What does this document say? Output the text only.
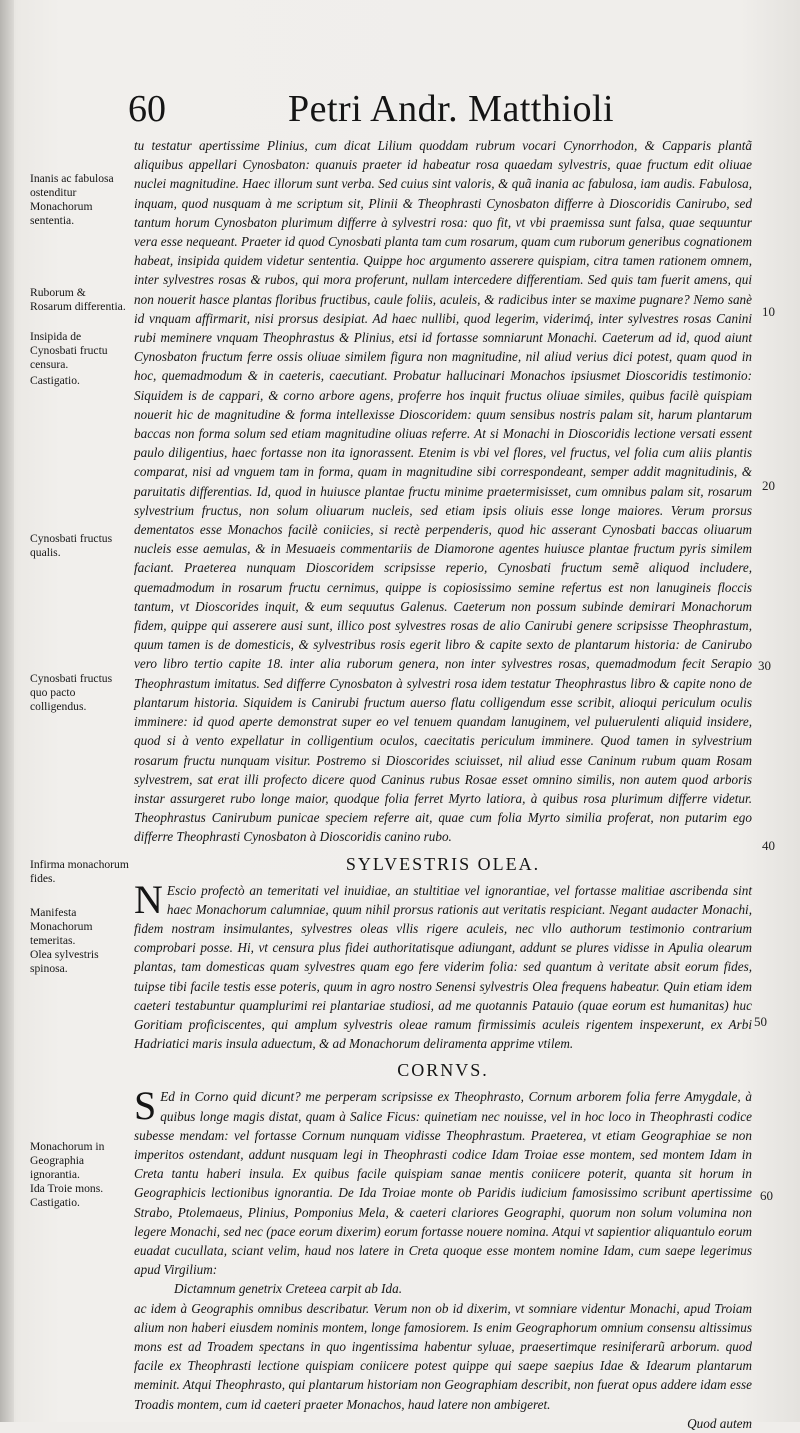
60	Petri Andr. Matthioli
Inanis ac fabulosa ostenditur Monachorum sententia.
Ruborum & Rosarum differentia.
Insipida de Cynosbati fructu censura.
Castigatio.
Cynosbati fructus qualis.
Cynosbati fructus quo pacto colligendus.
Infirma monachorum fides.
Manifesta Monachorum temeritas.
Olea sylvestris spinosa.
Monachorum in Geographia ignorantia.
Ida Troie mons.
Castigatio.
10
20
30
40
50
60

tu testatur apertissime Plinius, cum dicat Lilium quoddam rubrum vocari Cynorrhodon, & Capparis plantã aliquibus appellari Cynosbaton: quanuis praeter id habeatur rosa quaedam sylvestris, quae fructum edit oliuae nuclei magnitudine. Haec illorum sunt verba. Sed cuius sint valoris, & quã inania ac fabulosa, iam audis. Fabulosa, inquam, quod nusquam à me scriptum sit, Plinii & Theophrasti Cynosbaton differre à Dioscoridis Canirubo, sed tantum horum Cynosbaton plurimum differre à sylvestri rosa: quo fit, vt vbi praemissa sunt falsa, quae sequuntur vera esse nequeant. Praeter id quod Cynosbati planta tam cum rosarum, quam cum ruborum generibus cognationem habeat, insipida quidem videtur sententia. Quippe hoc argumento asserere quispiam, citra tamen rationem omnem, inter sylvestres rosas & rubos, qui mora proferunt, nullam intercedere differentiam. Sed quis tam fuerit amens, qui non nouerit hasce plantas floribus fructibus, caule foliis, aculeis, & radicibus inter se maxime pugnare? Nemo sanè id vnquam affirmarit, nisi prorsus desipiat. Ad haec nullibi, quod legerim, viderimq́, inter sylvestres rosas Canini rubi meminere vnquam Theophrastus & Plinius, etsi id fortasse somniarunt Monachi. Caeterum ad id, quod aiunt Cynosbaton fructum ferre ossis oliuae similem figura non magnitudine, nil aliud verius dici potest, quam quod in hoc, quemadmodum & in caeteris, caecutiant. Probatur hallucinari Monachos ipsiusmet Dioscoridis testimonio: Siquidem is de cappari, & corno arbore agens, proferre hos inquit fructus oliuae similes, quibus facilè quispiam nouerit hic de magnitudine & forma intellexisse Dioscoridem: quum sensibus nostris palam sit, harum plantarum baccas non forma solum sed etiam magnitudine oliuas referre. At si Monachi in Dioscoridis lectione versati essent paulo diligentius, haec fortasse non ita ignorassent. Etenim is vbi vel flores, vel fructus, vel folia cum aliis plantis comparat, nisi ad vnguem tam in forma, quam in magnitudine sibi correspondeant, semper addit magnitudinis, & paruitatis differentias. Id, quod in huiusce plantae fructu minime praetermisisset, cum omnibus palam sit, rosarum sylvestrium fructus, non solum oliuarum nucleis, sed etiam ipsis oliuis esse longe maiores. Verum prorsus dementatos esse Monachos facilè coniicies, si rectè perpenderis, quod hic asserant Cynosbati baccas oliuarum nucleis esse aemulas, & in Mesuaeis commentariis de Diamorone agentes huiusce plantae fructum pyris similem faciant. Praeterea nunquam Dioscoridem scripsisse reperio, Cynosbati fructum semẽ aliquod includere, quemadmodum in rosarum fructu cernimus, quippe is copiosissimo semine refertus est non lanugineis floccis tantum, vt Dioscorides inquit, & eum sequutus Galenus. Caeterum non possum subinde demirari Monachorum fidem, quippe qui asserere ausi sunt, illico post sylvestres rosas de alio Canirubi genere scripsisse Theophrastum, quum tamen is de domesticis, & sylvestribus rosis egerit libro & capite sexto de plantarum historia: de Canirubo vero libro tertio capite 18. inter alia ruborum genera, non inter sylvestres rosas, quemadmodum fecit Serapio Theophrastum imitatus. Sed differre Cynosbaton à sylvestri rosa idem testatur Theophrastus libro & capite nono de plantarum historia. Siquidem is Canirubi fructum auerso flatu colligendum esse scribit, alioqui periculum oculis imminere: id quod aperte demonstrat super eo vel tenuem quandam lanuginem, vel puluerulenti aliquid insidere, quod si à vento expellatur in colligentium oculos, caecitatis periculum imminere. Quod tamen in sylvestrium rosarum fructu nunquam visitur. Postremo si Dioscorides sciuisset, nil aliud esse Caninum rubum quam Rosam sylvestrem, sat erat illi profecto dicere quod Caninus rubus Rosae esset omnino similis, non autem quod arboris instar assurgeret rubo longe maior, quodque folia ferret Myrto latiora, à quibus rosa plurimum differre videtur. Theophrastus Canirubum punicae speciem referre ait, quae cum folia Myrto similia proferat, non putarim ego differre Theophrasti Cynosbaton à Dioscoridis canino rubo.

SYLVESTRIS OLEA.

N Escio profectò an temeritati vel inuidiae, an stultitiae vel ignorantiae, vel fortasse malitiae ascribenda sint haec Monachorum calumniae, quum nihil prorsus rationis aut veritatis respiciant. Negant audacter Monachi, fidem nostram insimulantes, sylvestres oleas vllis rigere aculeis, nec vllo authorum testimonio contrarium comprobari posse. Hi, vt censura plus fidei authoritatisque adiungant, addunt se plures vidisse in Apulia olearum plantas, tam domesticas quam sylvestres quam ego fere viderim folia: sed quantum à veritate absit eorum fides, tuipse tibi facile testis esse poteris, quum in agro nostro Senensi sylvestris Olea frequens habeatur. Quin etiam idem caeteri testabuntur quamplurimi rei plantariae studiosi, ad me quotannis Patauio (quae eorum est humanitas) huc Goritiam proficiscentes, qui amplum sylvestris oleae ramum firmissimis aculeis rigentem inspexerunt, ex Arbi Hadriatici maris insula aduectum, & ad Monachorum deliramenta apprime vtilem.

CORNVS.

S Ed in Corno quid dicunt? me perperam scripsisse ex Theophrasto, Cornum arborem folia ferre Amygdale, à quibus longe magis distat, quam à Salice Ficus: quinetiam nec nouisse, vel in hoc loco in Theophrasti codice subesse mendam: vel fortasse Cornum nunquam vidisse Theophrastum. Praeterea, vt etiam Geographiae se non imperitos ostendant, addunt nusquam legi in Theophrasti codice Idam Troiae esse montem, sed montem Idam in Creta tantu haberi insula. Ex quibus facile quispiam sanae mentis coniicere poterit, quanta sit horum in Geographicis lectionibus ignorantia. De Ida Troiae monte ob Paridis iudicium famosissimo scribunt apertissime Strabo, Ptolemaeus, Plinius, Pomponius Mela, & caeteri clariores Geographi, quorum non solum volumina non legere Monachi, sed nec (pace eorum dixerim) eorum fortasse nouere nomina. Atqui vt sapientior aliquantulo eorum euadat cucullata, sciant velim, haud nos latere in Creta quoque esse montem nomine Idam, cum saepe legerimus apud Virgilium:

Dictamnum genetrix Creteea carpit ab Ida.

ac idem à Geographis omnibus describatur. Verum non ob id dixerim, vt somniare videntur Monachi, apud Troiam alium non haberi eiusdem nominis montem, longe famosiorem. Is enim Geographorum omnium consensu altissimus mons est ad Troadem spectans in quo ingentissima habentur syluae, praesertimque resiniferarũ arborum. quod facile ex Theophrasti lectione quispiam coniicere potest quippe qui saepe saepius Idae & Idearum plantarum meminit. Atqui Theophrasto, qui plantarum historiam non Geographiam describit, non fuerat opus addere idam esse Troadis montem, cum id caeteri praeter Monachos, haud latere non ambigeret.

Quod autem
